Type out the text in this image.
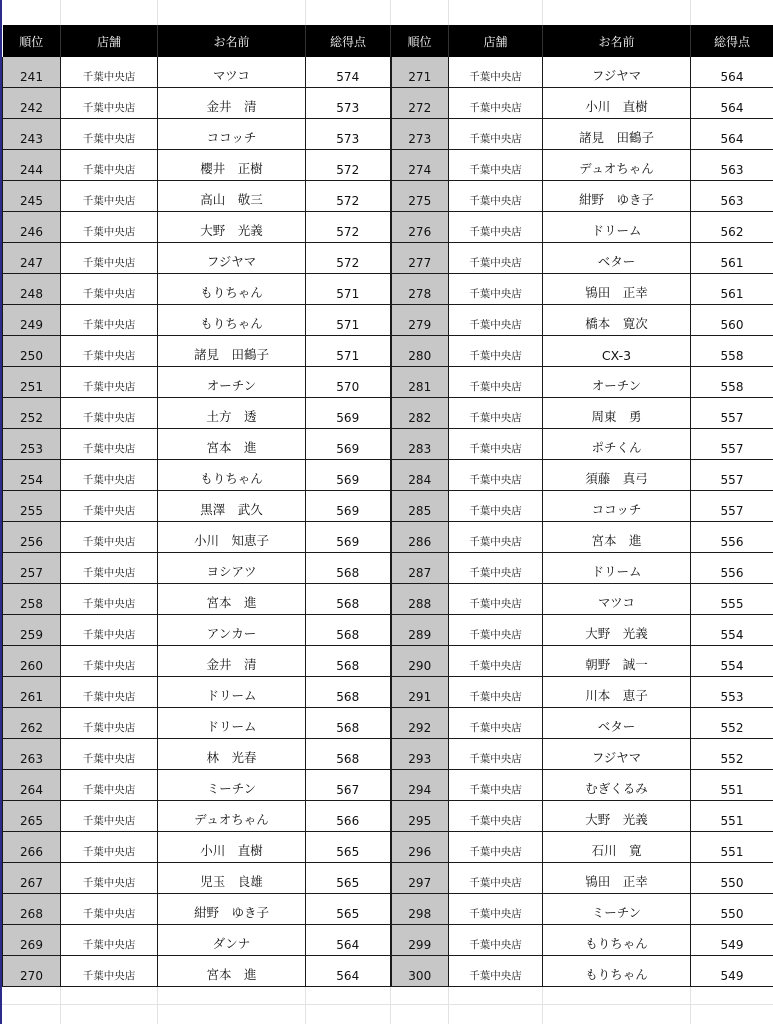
順位	店舗	お名前	総得点	順位	店舗	お名前	総得点
241	千葉中央店	マツコ	574	271	千葉中央店	フジヤマ	564
242	千葉中央店	金井　清	573	272	千葉中央店	小川　直樹	564
243	千葉中央店	ココッチ	573	273	千葉中央店	諸見　田鶴子	564
244	千葉中央店	櫻井　正樹	572	274	千葉中央店	デュオちゃん	563
245	千葉中央店	高山　敬三	572	275	千葉中央店	紺野　ゆき子	563
246	千葉中央店	大野　光義	572	276	千葉中央店	ドリーム	562
247	千葉中央店	フジヤマ	572	277	千葉中央店	ベター	561
248	千葉中央店	もりちゃん	571	278	千葉中央店	鴇田　正幸	561
249	千葉中央店	もりちゃん	571	279	千葉中央店	橋本　寛次	560
250	千葉中央店	諸見　田鶴子	571	280	千葉中央店	CX-3	558
251	千葉中央店	オーチン	570	281	千葉中央店	オーチン	558
252	千葉中央店	土方　透	569	282	千葉中央店	周東　勇	557
253	千葉中央店	宮本　進	569	283	千葉中央店	ポチくん	557
254	千葉中央店	もりちゃん	569	284	千葉中央店	須藤　真弓	557
255	千葉中央店	黒澤　武久	569	285	千葉中央店	ココッチ	557
256	千葉中央店	小川　知恵子	569	286	千葉中央店	宮本　進	556
257	千葉中央店	ヨシアツ	568	287	千葉中央店	ドリーム	556
258	千葉中央店	宮本　進	568	288	千葉中央店	マツコ	555
259	千葉中央店	アンカー	568	289	千葉中央店	大野　光義	554
260	千葉中央店	金井　清	568	290	千葉中央店	朝野　誠一	554
261	千葉中央店	ドリーム	568	291	千葉中央店	川本　恵子	553
262	千葉中央店	ドリーム	568	292	千葉中央店	ベター	552
263	千葉中央店	林　光春	568	293	千葉中央店	フジヤマ	552
264	千葉中央店	ミーチン	567	294	千葉中央店	むぎくるみ	551
265	千葉中央店	デュオちゃん	566	295	千葉中央店	大野　光義	551
266	千葉中央店	小川　直樹	565	296	千葉中央店	石川　寛	551
267	千葉中央店	児玉　良雄	565	297	千葉中央店	鴇田　正幸	550
268	千葉中央店	紺野　ゆき子	565	298	千葉中央店	ミーチン	550
269	千葉中央店	ダンナ	564	299	千葉中央店	もりちゃん	549
270	千葉中央店	宮本　進	564	300	千葉中央店	もりちゃん	549
